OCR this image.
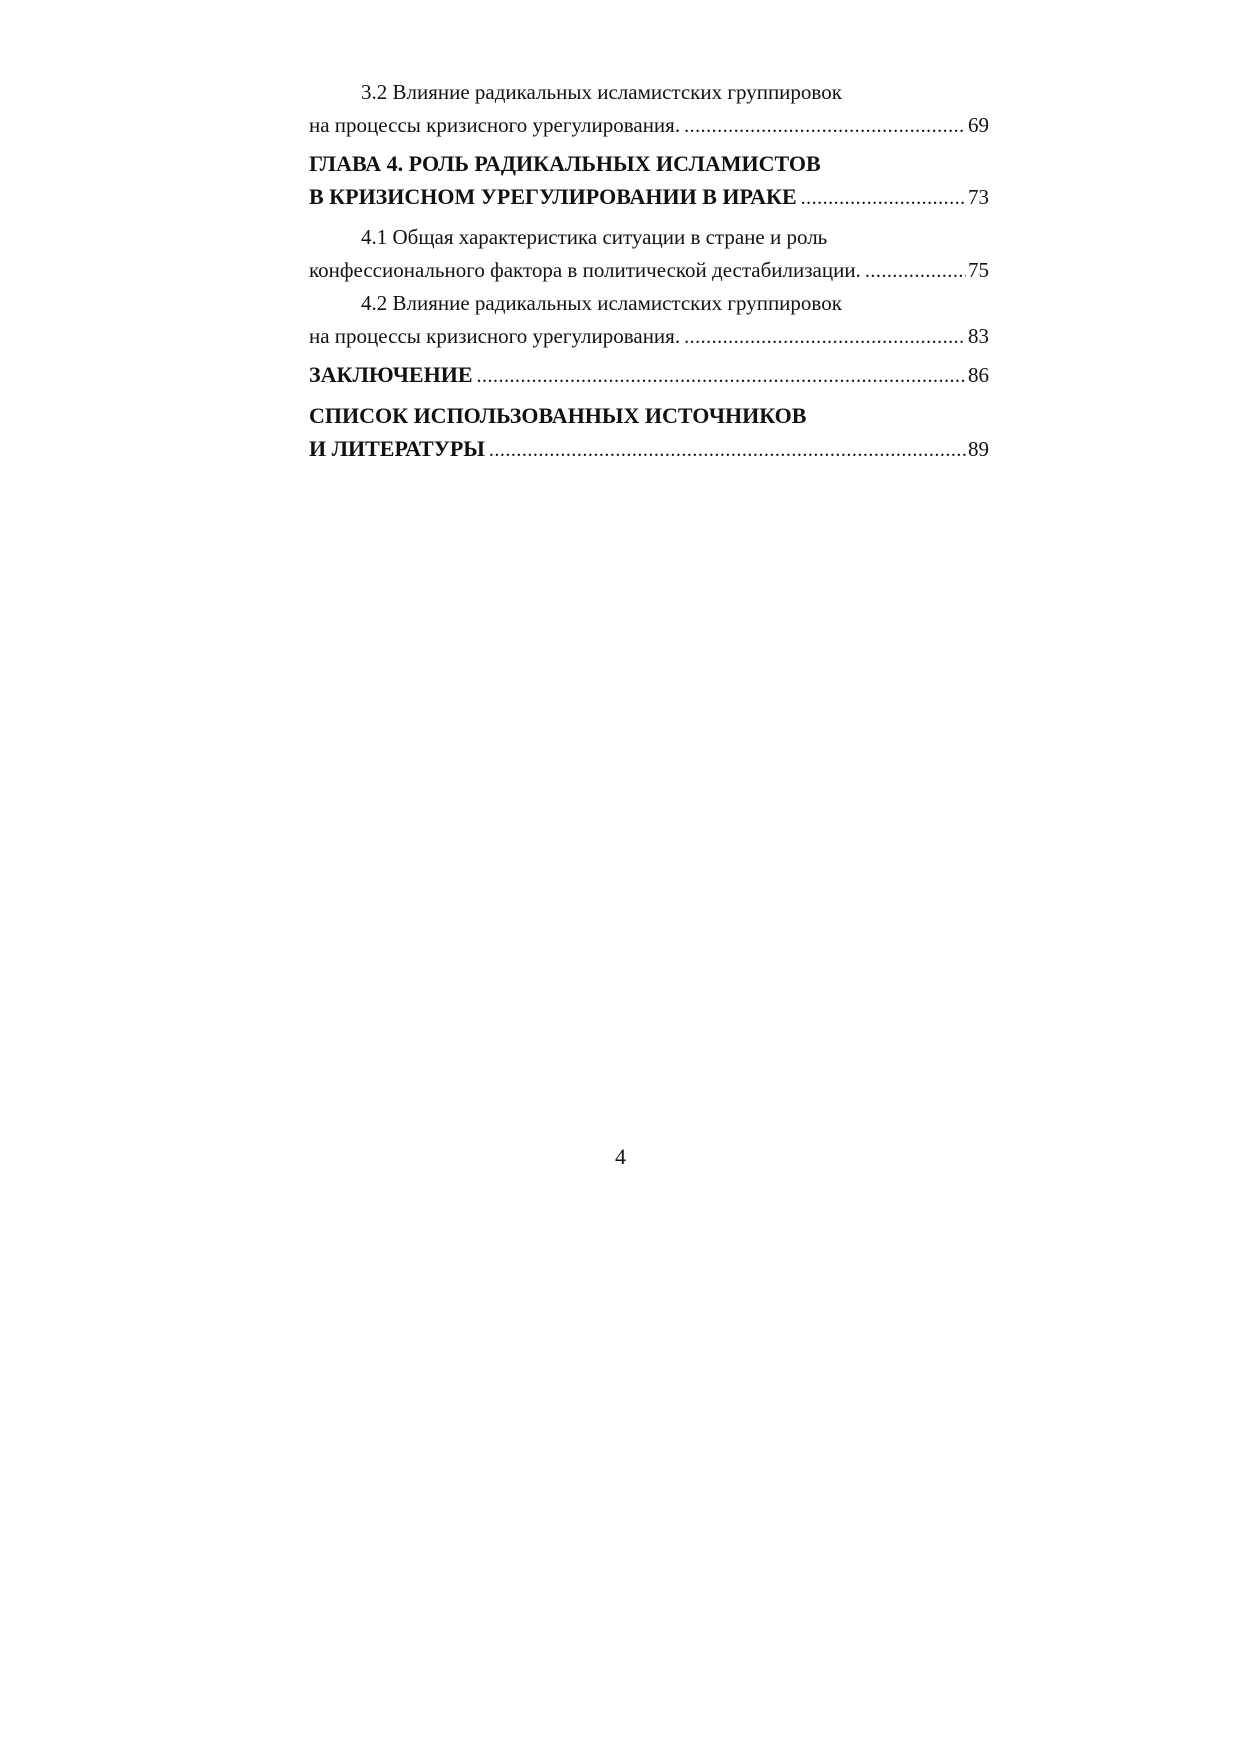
3.2 Влияние радикальных исламистских группировок
на процессы кризисного урегулирования. .....	69
ГЛАВА 4. РОЛЬ РАДИКАЛЬНЫХ ИСЛАМИСТОВ
В КРИЗИСНОМ УРЕГУЛИРОВАНИИ В ИРАКЕ .....	73
4.1 Общая характеристика ситуации в стране и роль
конфессионального фактора в политической дестабилизации. .....	75
4.2 Влияние радикальных исламистских группировок
на процессы кризисного урегулирования. .....	83
ЗАКЛЮЧЕНИЕ .....	86
СПИСОК ИСПОЛЬЗОВАННЫХ ИСТОЧНИКОВ
И ЛИТЕРАТУРЫ .....	89
4
